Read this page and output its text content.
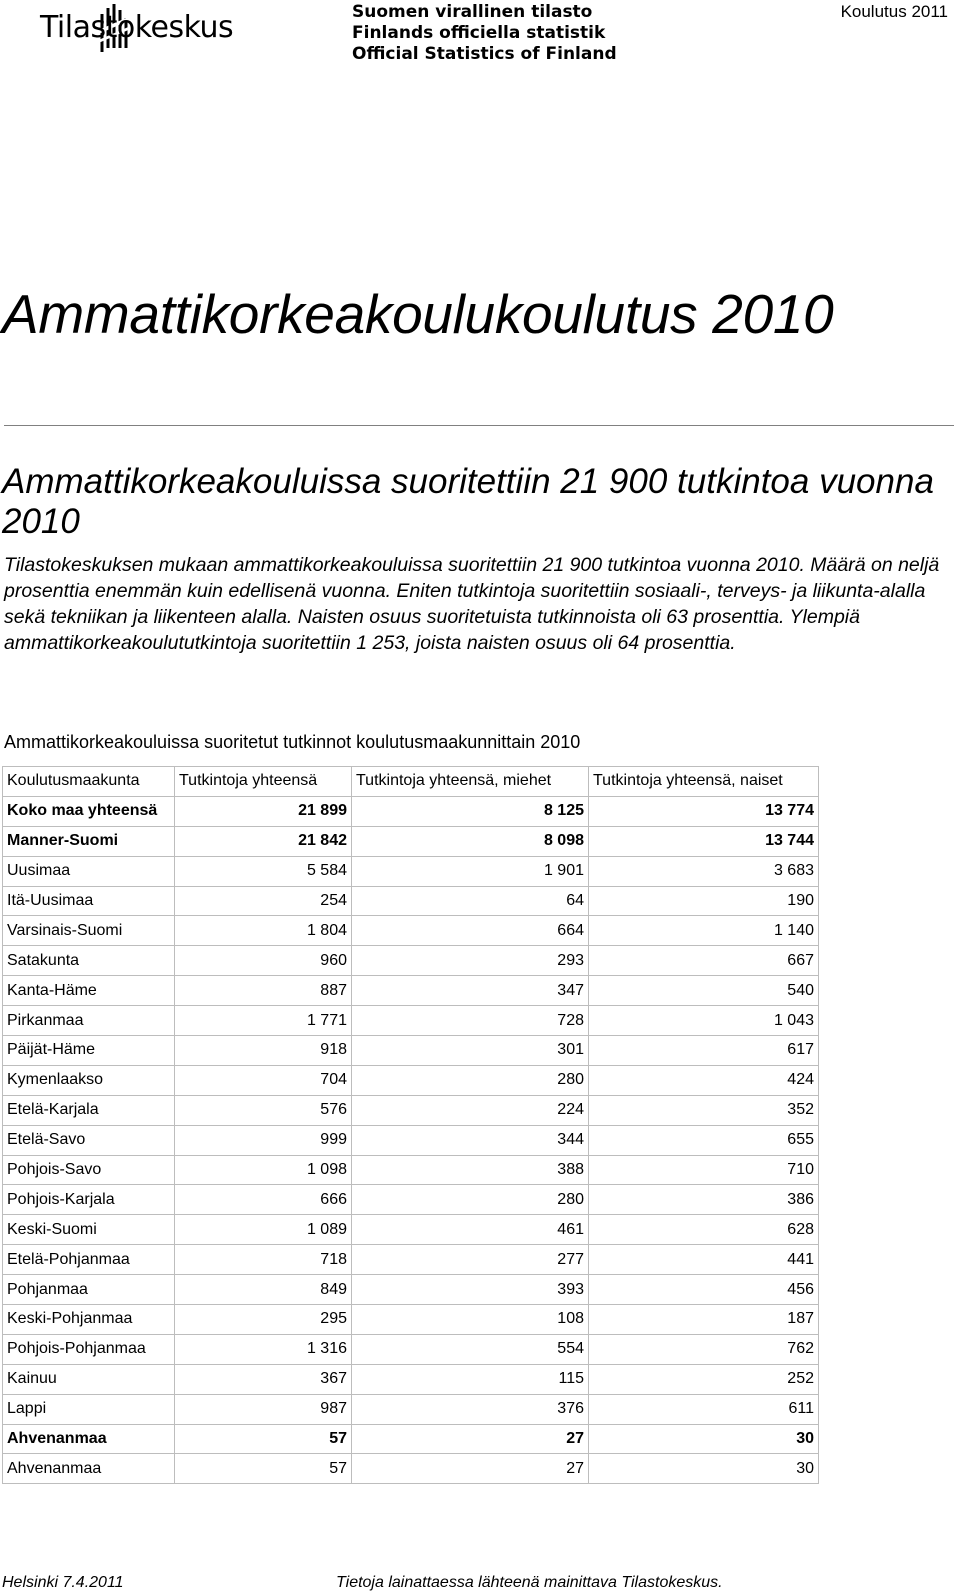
Tilastokeskus	Suomen virallinen tilasto
Finlands officiella statistik
Official Statistics of Finland
Koulutus 2011
Ammattikorkeakoulukoulutus 2010
Ammattikorkeakouluissa suoritettiin 21 900 tutkintoa vuonna 2010

Tilastokeskuksen mukaan ammattikorkeakouluissa suoritettiin 21 900 tutkintoa vuonna 2010. Määrä on neljä prosenttia enemmän kuin edellisenä vuonna. Eniten tutkintoja suoritettiin sosiaali-, terveys- ja liikunta-alalla sekä tekniikan ja liikenteen alalla. Naisten osuus suoritetuista tutkinnoista oli 63 prosenttia. Ylempiä ammattikorkeakoulututkintoja suoritettiin 1 253, joista naisten osuus oli 64 prosenttia.

Ammattikorkeakouluissa suoritetut tutkinnot koulutusmaakunnittain 2010
Koulutusmaakunta	Tutkintoja yhteensä	Tutkintoja yhteensä, miehet	Tutkintoja yhteensä, naiset
Koko maa yhteensä	21 899	8 125	13 774
Manner-Suomi	21 842	8 098	13 744
Uusimaa	5 584	1 901	3 683
Itä-Uusimaa	254	64	190
Varsinais-Suomi	1 804	664	1 140
Satakunta	960	293	667
Kanta-Häme	887	347	540
Pirkanmaa	1 771	728	1 043
Päijät-Häme	918	301	617
Kymenlaakso	704	280	424
Etelä-Karjala	576	224	352
Etelä-Savo	999	344	655
Pohjois-Savo	1 098	388	710
Pohjois-Karjala	666	280	386
Keski-Suomi	1 089	461	628
Etelä-Pohjanmaa	718	277	441
Pohjanmaa	849	393	456
Keski-Pohjanmaa	295	108	187
Pohjois-Pohjanmaa	1 316	554	762
Kainuu	367	115	252
Lappi	987	376	611
Ahvenanmaa	57	27	30
Ahvenanmaa	57	27	30
Helsinki 7.4.2011	Tietoja lainattaessa lähteenä mainittava Tilastokeskus.
